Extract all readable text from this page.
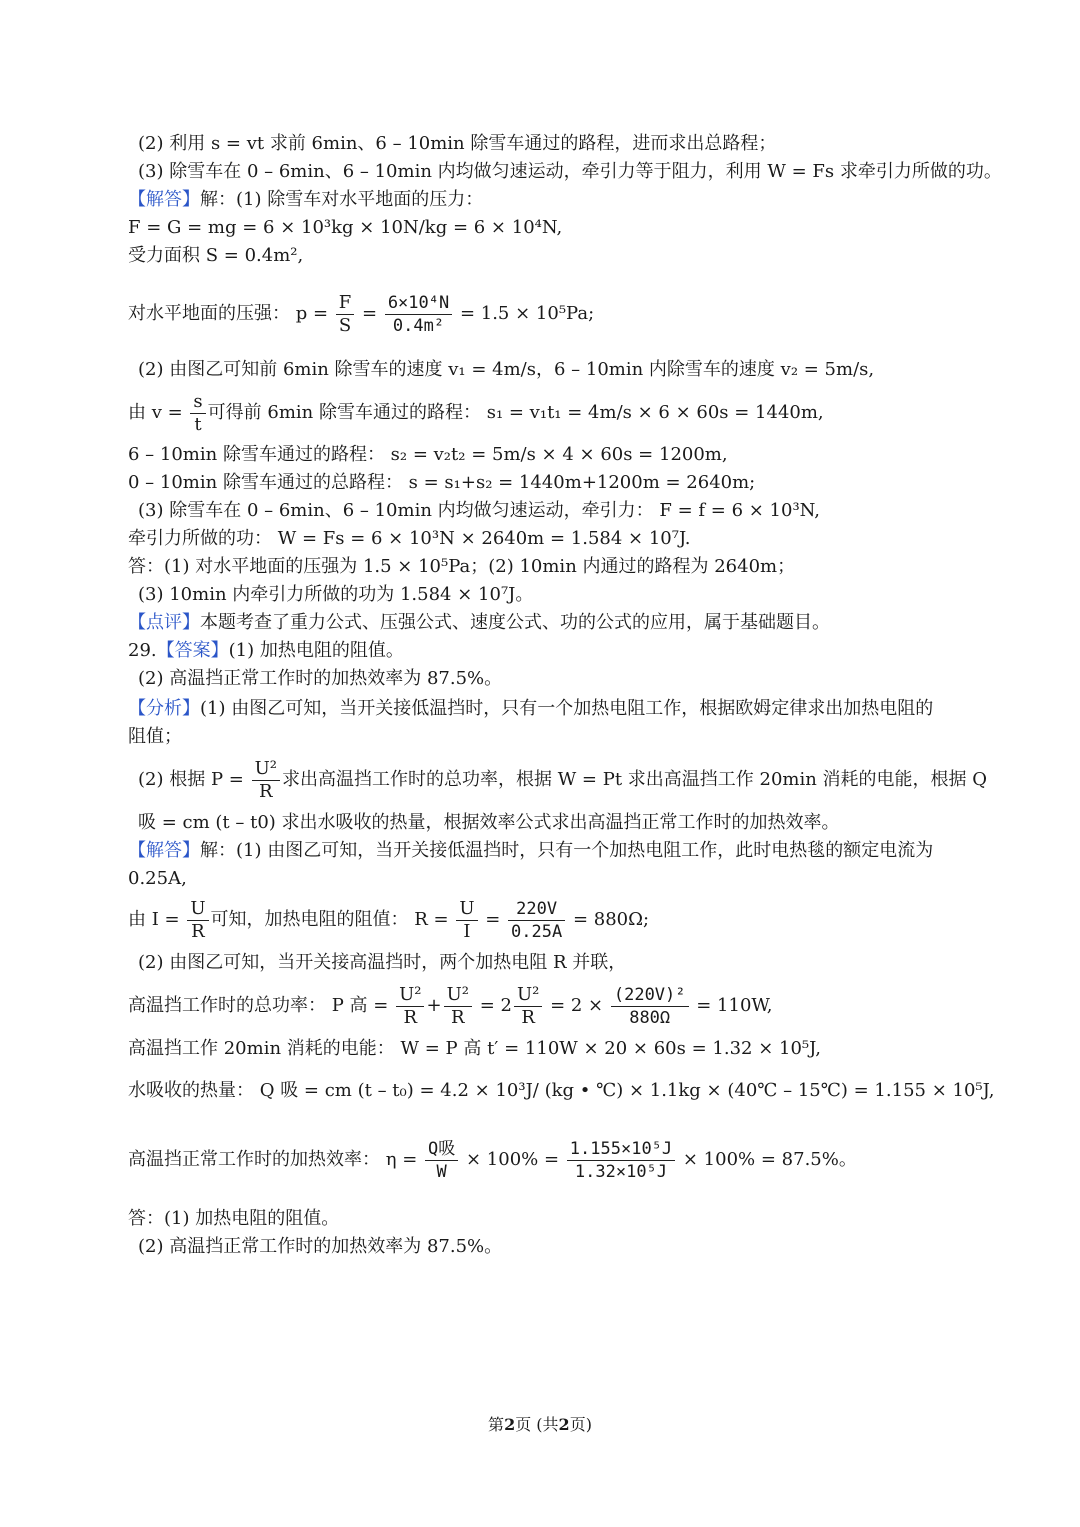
(2) 利用 s = vt 求前 6min、6 – 10min 除雪车通过的路程，进而求出总路程；
(3) 除雪车在 0 – 6min、6 – 10min 内均做匀速运动，牵引力等于阻力，利用 W = Fs 求牵引力所做的功。
【解答】解：(1) 除雪车对水平地面的压力：
F = G = mg = 6 × 10³kg × 10N/kg = 6 × 10⁴N,
受力面积 S = 0.4m²,
对水平地面的压强： $p = \frac{F}{S} = \frac{\text{6×10⁴N}}{\text{0.4m²}} = 1.5 \times 10^5Pa$;
(2) 由图乙可知前 6min 除雪车的速度 v₁ = 4m/s，6 – 10min 内除雪车的速度 v₂ = 5m/s,
由 $v = \frac{s}{t}$ 可得前 6min 除雪车通过的路程： s₁ = v₁t₁ = 4m/s × 6 × 60s = 1440m,
6 – 10min 除雪车通过的路程： s₂ = v₂t₂ = 5m/s × 4 × 60s = 1200m,
0 – 10min 除雪车通过的总路程： s = s₁+s₂ = 1440m+1200m = 2640m;
(3) 除雪车在 0 – 6min、6 – 10min 内均做匀速运动，牵引力： F = f = 6 × 10³N,
牵引力所做的功： W = Fs = 6 × 10³N × 2640m = 1.584 × 10⁷J.
答：(1) 对水平地面的压强为 1.5 × 10⁵Pa；(2) 10min 内通过的路程为 2640m；
(3) 10min 内牵引力所做的功为 1.584 × 10⁷J。
【点评】本题考查了重力公式、压强公式、速度公式、功的公式的应用，属于基础题目。
29.【答案】(1) 加热电阻的阻值。
(2) 高温挡正常工作时的加热效率为 87.5%。
【分析】(1) 由图乙可知，当开关接低温挡时，只有一个加热电阻工作，根据欧姆定律求出加热电阻的
阻值；
(2) 根据 $P = \frac{\text{U²}}{R}$ 求出高温挡工作时的总功率，根据 W = Pt 求出高温挡工作 20min 消耗的电能，根据 Q
吸 = cm (t – t0) 求出水吸收的热量，根据效率公式求出高温挡正常工作时的加热效率。
【解答】解：(1) 由图乙可知，当开关接低温挡时，只有一个加热电阻工作，此时电热毯的额定电流为
0.25A,
由 $I = \frac{U}{R}$ 可知，加热电阻的阻值： $R = \frac{U}{I} = \frac{220V}{0.25A} = 880\Omega$;
(2) 由图乙可知，当开关接高温挡时，两个加热电阻 R 并联，
高温挡工作时的总功率： P 高 = $\frac{\text{U²}}{R} + \frac{\text{U²}}{R} = 2 \frac{\text{U²}}{R} = 2 \times \frac{\text{(220V)²}}{880\Omega} = 110W$,
高温挡工作 20min 消耗的电能： W = P 高 t′ = 110W × 20 × 60s = 1.32 × 10⁵J,
水吸收的热量： Q 吸 = cm (t – t₀) = 4.2 × 10³J/ (kg • ℃) × 1.1kg × (40℃ – 15℃) = 1.155 × 10⁵J,
高温挡正常工作时的加热效率： $\eta = \frac{\text{Q吸}}{W} \times 100\% = \frac{\text{1.155×10⁵J}}{\text{1.32×10⁵J}} \times 100\% = 87.5\%$。
答：(1) 加热电阻的阻值。
(2) 高温挡正常工作时的加热效率为 87.5%。
第2页 (共2页)
